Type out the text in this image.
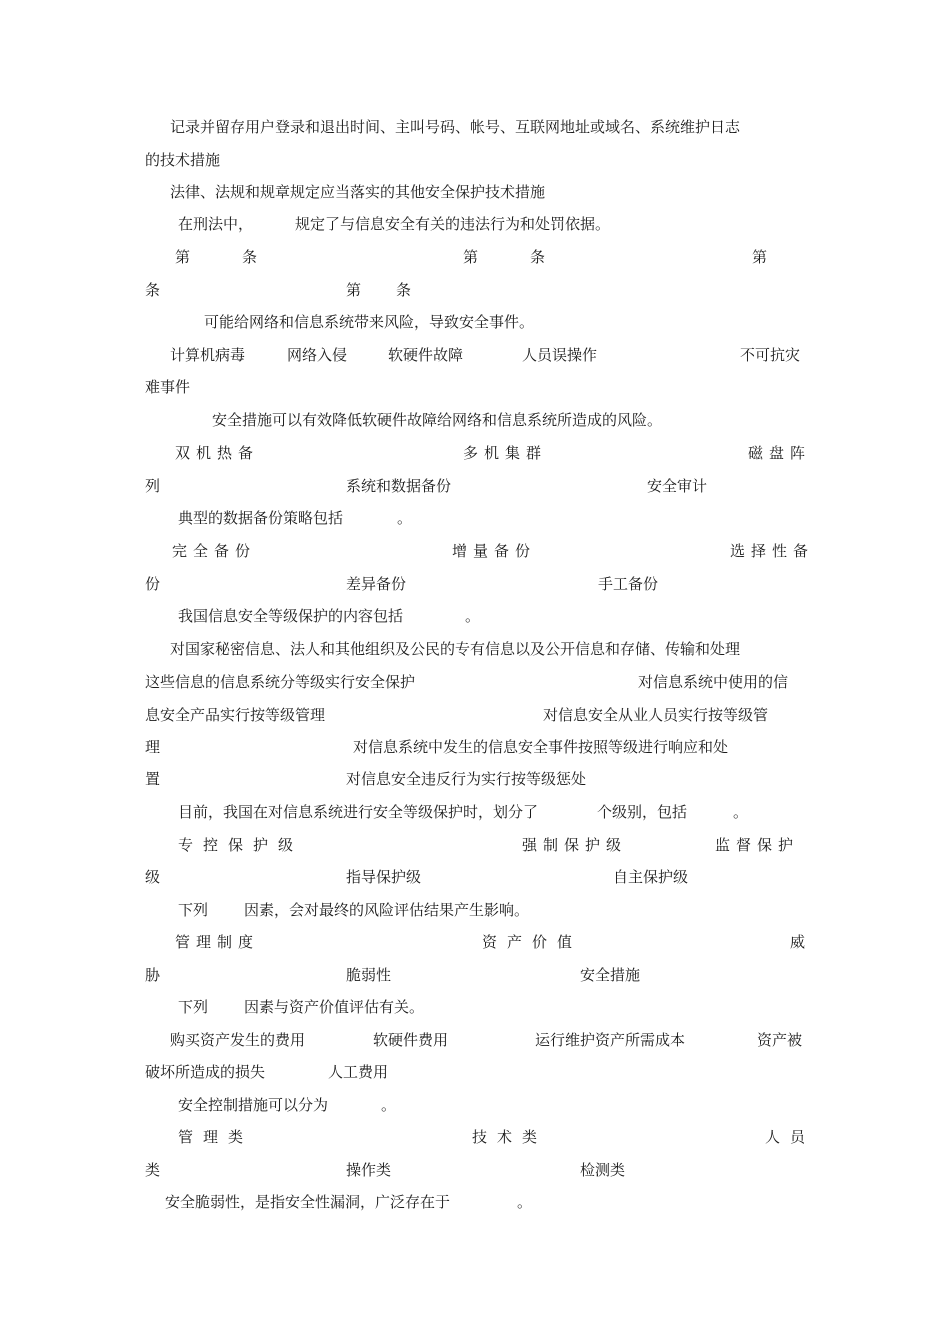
记录并留存用户登录和退出时间、主叫号码、帐号、互联网地址或域名、系统维护日志
的技术措施
法律、法规和规章规定应当落实的其他安全保护技术措施
在刑法中，	规定了与信息安全有关的违法行为和处罚依据。
第	条	第	条	第
条	第 条
可能给网络和信息系统带来风险，导致安全事件。
计算机病毒	网络入侵	软硬件故障	人员误操作	不可抗灾
难事件
安全措施可以有效降低软硬件故障给网络和信息系统所造成的风险。
双机热备	多机集群	磁盘阵
列	系统和数据备份	安全审计
典型的数据备份策略包括	。
完全备份	增量备份	选择性备
份	差异备份	手工备份
我国信息安全等级保护的内容包括	。
对国家秘密信息、法人和其他组织及公民的专有信息以及公开信息和存储、传输和处理
这些信息的信息系统分等级实行安全保护	对信息系统中使用的信
息安全产品实行按等级管理	对信息安全从业人员实行按等级管
理	对信息系统中发生的信息安全事件按照等级进行响应和处
置	对信息安全违反行为实行按等级惩处
目前，我国在对信息系统进行安全等级保护时，划分了	个级别，包括	。
专控保护级	强制保护级	监督保护
级	指导保护级	自主保护级
下列 因素，会对最终的风险评估结果产生影响。
管理制度	资产价值	威
胁	脆弱性	安全措施
下列 因素与资产价值评估有关。
购买资产发生的费用	软硬件费用	运行维护资产所需成本	资产被
破坏所造成的损失	人工费用
安全控制措施可以分为	。
管理类	技术类	人员
类	操作类	检测类
安全脆弱性，是指安全性漏洞，广泛存在于	。
